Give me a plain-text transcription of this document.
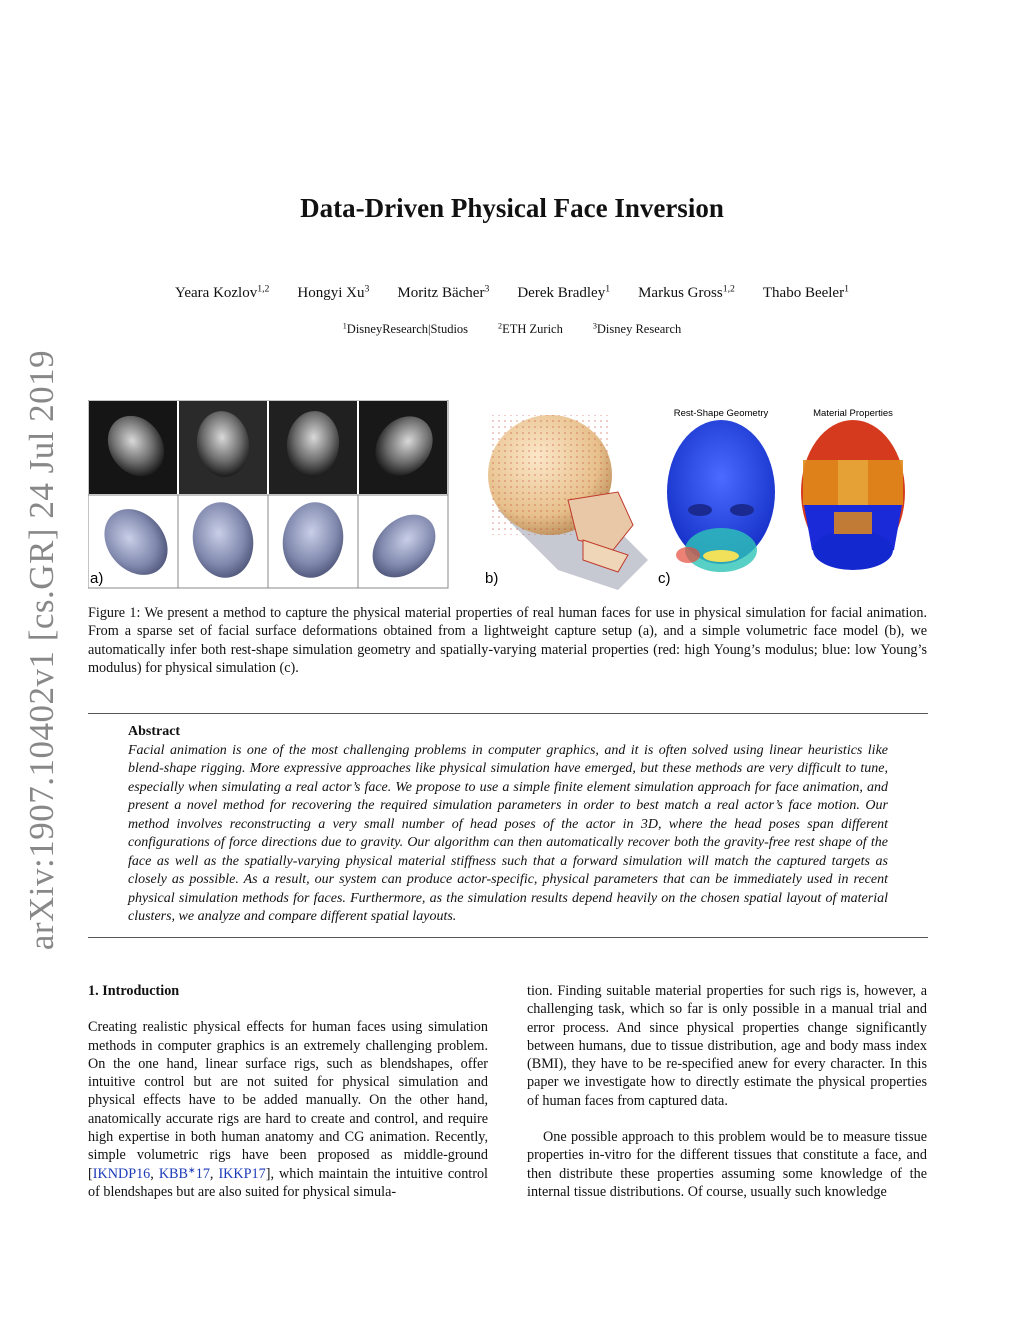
arXiv:1907.10402v1 [cs.GR] 24 Jul 2019
Data-Driven Physical Face Inversion
Yeara Kozlov$^{1,2}$ Hongyi Xu$^3$ Moritz Bächer$^3$ Derek Bradley$^1$ Markus Gross$^{1,2}$ Thabo Beeler$^1$
$^1$DisneyResearch|Studios	$^2$ETH Zurich	$^3$Disney Research
a)	b)
Rest-Shape Geometry	Material Properties
c)
Figure 1: We present a method to capture the physical material properties of real human faces for use in physical simulation for facial animation. From a sparse set of facial surface deformations obtained from a lightweight capture setup (a), and a simple volumetric face model (b), we automatically infer both rest-shape simulation geometry and spatially-varying material properties (red: high Young’s modulus; blue: low Young’s modulus) for physical simulation (c).
Abstract

Facial animation is one of the most challenging problems in computer graphics, and it is often solved using linear heuristics like blend-shape rigging. More expressive approaches like physical simulation have emerged, but these methods are very difficult to tune, especially when simulating a real actor’s face. We propose to use a simple finite element simulation approach for face animation, and present a novel method for recovering the required simulation parameters in order to best match a real actor’s face motion. Our method involves reconstructing a very small number of head poses of the actor in 3D, where the head poses span different configurations of force directions due to gravity. Our algorithm can then automatically recover both the gravity-free rest shape of the face as well as the spatially-varying physical material stiffness such that a forward simulation will match the captured targets as closely as possible. As a result, our system can produce actor-specific, physical parameters that can be immediately used in recent physical simulation methods for faces. Furthermore, as the simulation results depend heavily on the chosen spatial layout of material clusters, we analyze and compare different spatial layouts.

1. Introduction

Creating realistic physical effects for human faces using simulation methods in computer graphics is an extremely challenging problem. On the one hand, linear surface rigs, such as blendshapes, offer intuitive control but are not suited for physical simulation and physical effects have to be added manually. On the other hand, anatomically accurate rigs are hard to create and control, and require high expertise in both human anatomy and CG animation. Recently, simple volumetric rigs have been proposed as middle-ground [IKNDP16, KBB∗17, IKKP17], which maintain the intuitive control of blendshapes but are also suited for physical simula-

tion. Finding suitable material properties for such rigs is, however, a challenging task, which so far is only possible in a manual trial and error process. And since physical properties change significantly between humans, due to tissue distribution, age and body mass index (BMI), they have to be re-specified anew for every character. In this paper we investigate how to directly estimate the physical properties of human faces from captured data.

One possible approach to this problem would be to measure tissue properties in-vitro for the different tissues that constitute a face, and then distribute these properties assuming some knowledge of the internal tissue distributions. Of course, usually such knowledge
